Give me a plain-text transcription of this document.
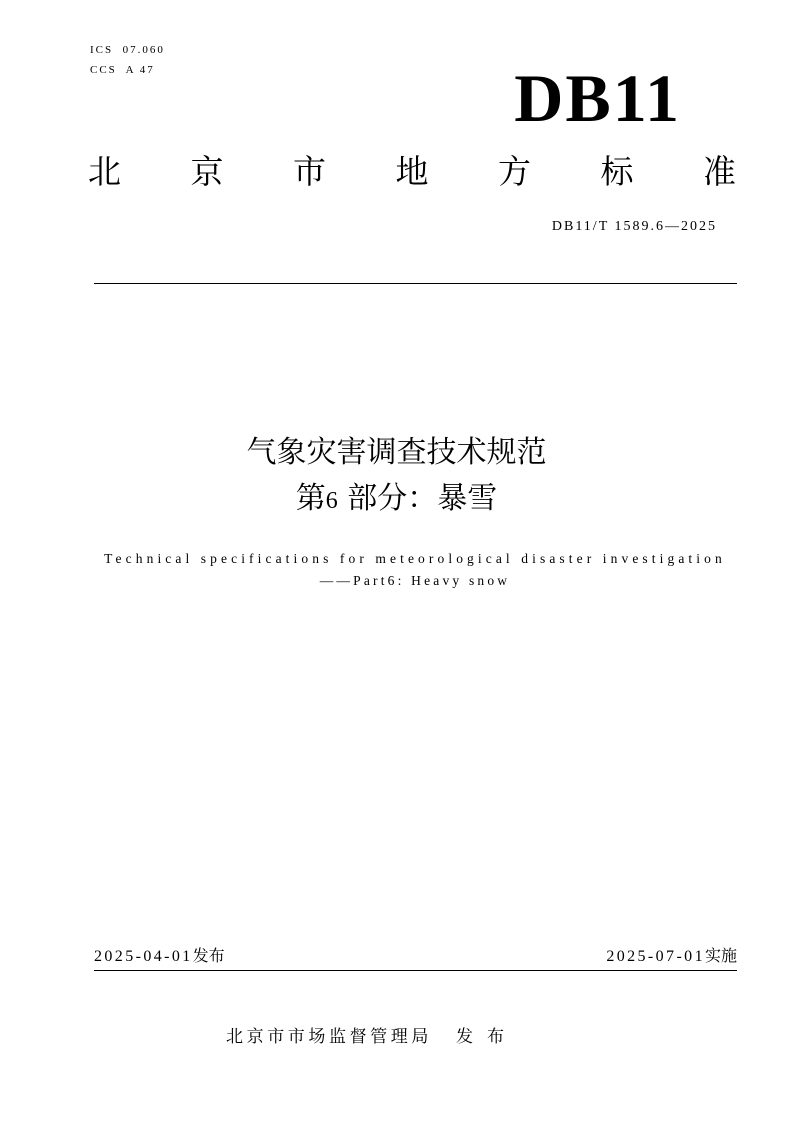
ICS  07.060
CCS  A 47	DB11
北 京 市 地 方 标 准
DB11/T 1589.6—2025
气象灾害调查技术规范
第6 部分：暴雪
Technical specifications for meteorological disaster investigation
——Part6: Heavy snow
2025-04-01发布	2025-07-01实施
北京市市场监督管理局 发布
